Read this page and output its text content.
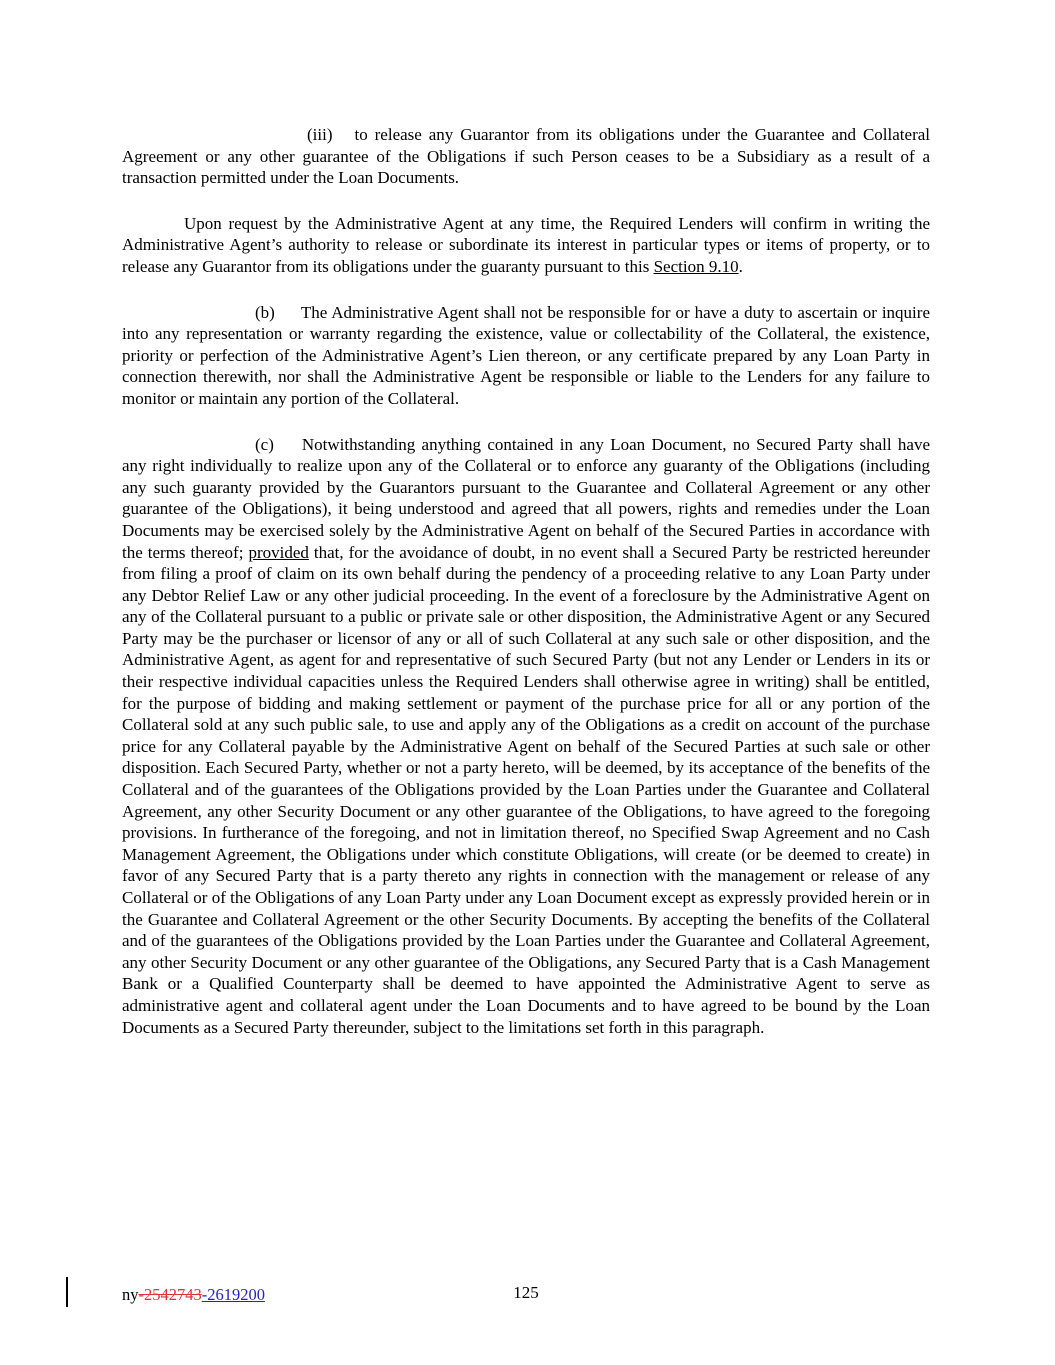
(iii) to release any Guarantor from its obligations under the Guarantee and Collateral Agreement or any other guarantee of the Obligations if such Person ceases to be a Subsidiary as a result of a transaction permitted under the Loan Documents.

Upon request by the Administrative Agent at any time, the Required Lenders will confirm in writing the Administrative Agent’s authority to release or subordinate its interest in particular types or items of property, or to release any Guarantor from its obligations under the guaranty pursuant to this Section 9.10.

(b) The Administrative Agent shall not be responsible for or have a duty to ascertain or inquire into any representation or warranty regarding the existence, value or collectability of the Collateral, the existence, priority or perfection of the Administrative Agent’s Lien thereon, or any certificate prepared by any Loan Party in connection therewith, nor shall the Administrative Agent be responsible or liable to the Lenders for any failure to monitor or maintain any portion of the Collateral.

(c) Notwithstanding anything contained in any Loan Document, no Secured Party shall have any right individually to realize upon any of the Collateral or to enforce any guaranty of the Obligations (including any such guaranty provided by the Guarantors pursuant to the Guarantee and Collateral Agreement or any other guarantee of the Obligations), it being understood and agreed that all powers, rights and remedies under the Loan Documents may be exercised solely by the Administrative Agent on behalf of the Secured Parties in accordance with the terms thereof; provided that, for the avoidance of doubt, in no event shall a Secured Party be restricted hereunder from filing a proof of claim on its own behalf during the pendency of a proceeding relative to any Loan Party under any Debtor Relief Law or any other judicial proceeding. In the event of a foreclosure by the Administrative Agent on any of the Collateral pursuant to a public or private sale or other disposition, the Administrative Agent or any Secured Party may be the purchaser or licensor of any or all of such Collateral at any such sale or other disposition, and the Administrative Agent, as agent for and representative of such Secured Party (but not any Lender or Lenders in its or their respective individual capacities unless the Required Lenders shall otherwise agree in writing) shall be entitled, for the purpose of bidding and making settlement or payment of the purchase price for all or any portion of the Collateral sold at any such public sale, to use and apply any of the Obligations as a credit on account of the purchase price for any Collateral payable by the Administrative Agent on behalf of the Secured Parties at such sale or other disposition. Each Secured Party, whether or not a party hereto, will be deemed, by its acceptance of the benefits of the Collateral and of the guarantees of the Obligations provided by the Loan Parties under the Guarantee and Collateral Agreement, any other Security Document or any other guarantee of the Obligations, to have agreed to the foregoing provisions. In furtherance of the foregoing, and not in limitation thereof, no Specified Swap Agreement and no Cash Management Agreement, the Obligations under which constitute Obligations, will create (or be deemed to create) in favor of any Secured Party that is a party thereto any rights in connection with the management or release of any Collateral or of the Obligations of any Loan Party under any Loan Document except as expressly provided herein or in the Guarantee and Collateral Agreement or the other Security Documents. By accepting the benefits of the Collateral and of the guarantees of the Obligations provided by the Loan Parties under the Guarantee and Collateral Agreement, any other Security Document or any other guarantee of the Obligations, any Secured Party that is a Cash Management Bank or a Qualified Counterparty shall be deemed to have appointed the Administrative Agent to serve as administrative agent and collateral agent under the Loan Documents and to have agreed to be bound by the Loan Documents as a Secured Party thereunder, subject to the limitations set forth in this paragraph.

ny-2542743-2619200	125
